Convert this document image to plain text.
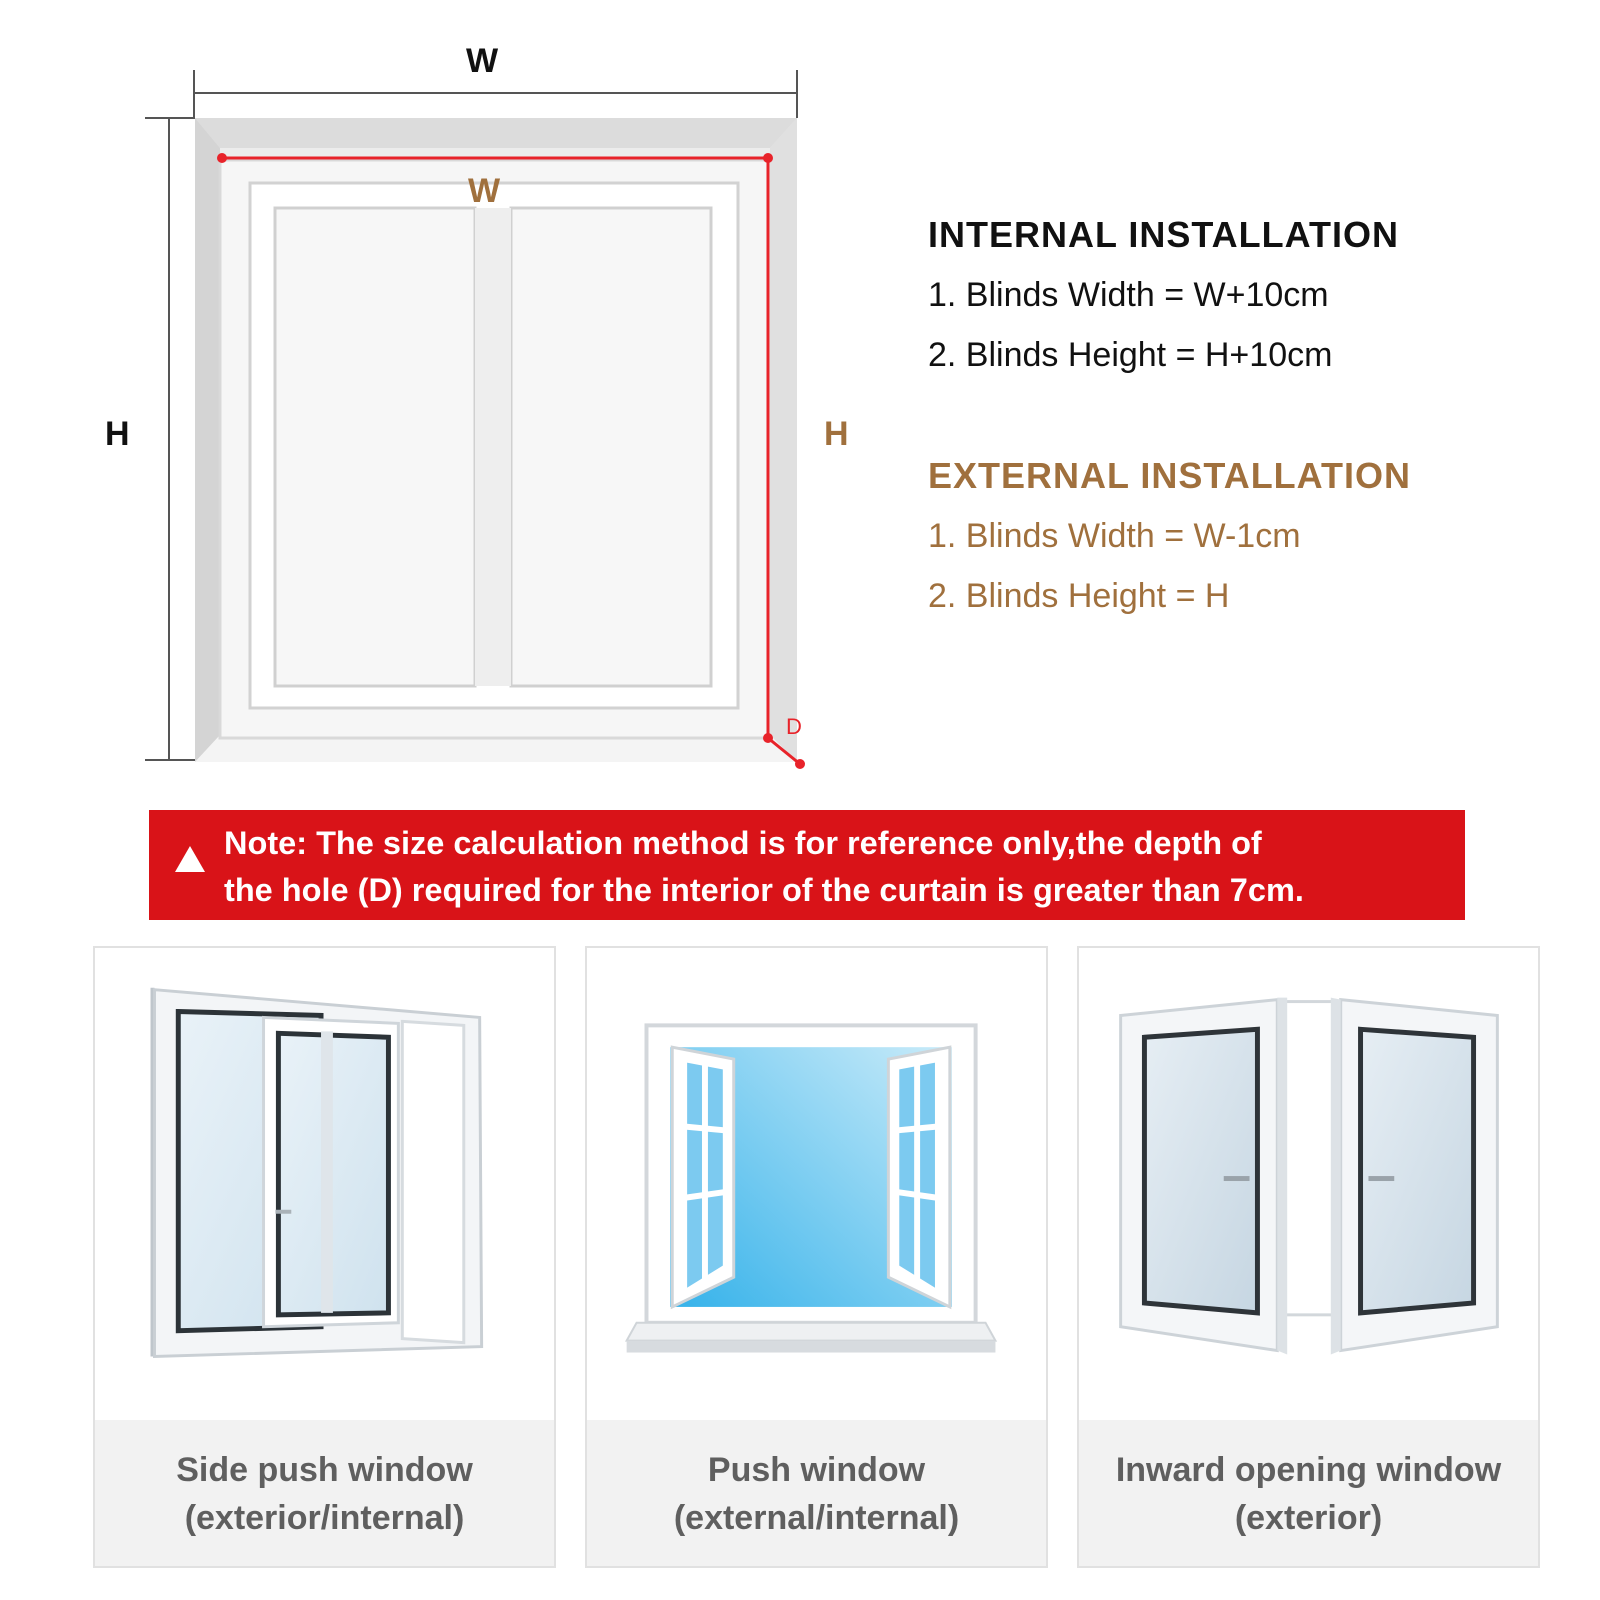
W
H
W
H
D
INTERNAL INSTALLATION
1. Blinds Width = W+10cm
2. Blinds Height = H+10cm
EXTERNAL INSTALLATION
1. Blinds Width = W-1cm
2. Blinds Height = H
Note: The size calculation method is for reference only,the depth of
the hole (D) required for the interior of the curtain is greater than 7cm.
Side push window
(exterior/internal)
Push window
(external/internal)
Inward opening window
(exterior)
